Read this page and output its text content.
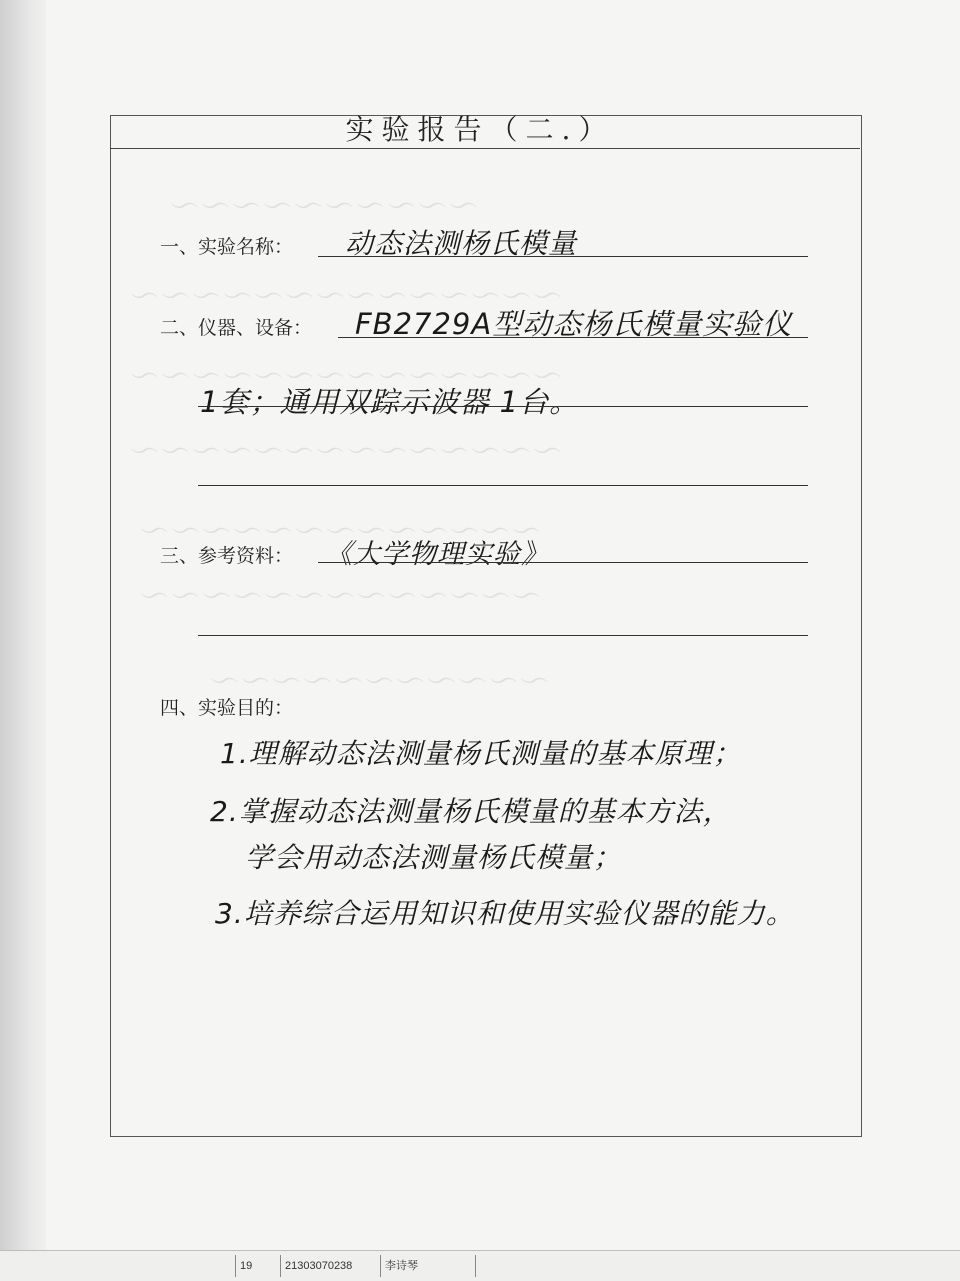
～～～～～～～～～～
～～～～～～～～～～～～～～
～～～～～～～～～～～～～～
～～～～～～～～～～～～～～
～～～～～～～～～～～～～
～～～～～～～～～～～～～
～～～～～～～～～～～
实验报告（二.）
一、实验名称： 动态法测杨氏模量
二、仪器、设备： FB2729A型动态杨氏模量实验仪
1套；通用双踪示波器 1台。
三、参考资料： 《大学物理实验》
四、实验目的：
1.理解动态法测量杨氏测量的基本原理；
2.掌握动态法测量杨氏模量的基本方法，
学会用动态法测量杨氏模量；
3.培养综合运用知识和使用实验仪器的能力。
19	21303070238	李诗琴
